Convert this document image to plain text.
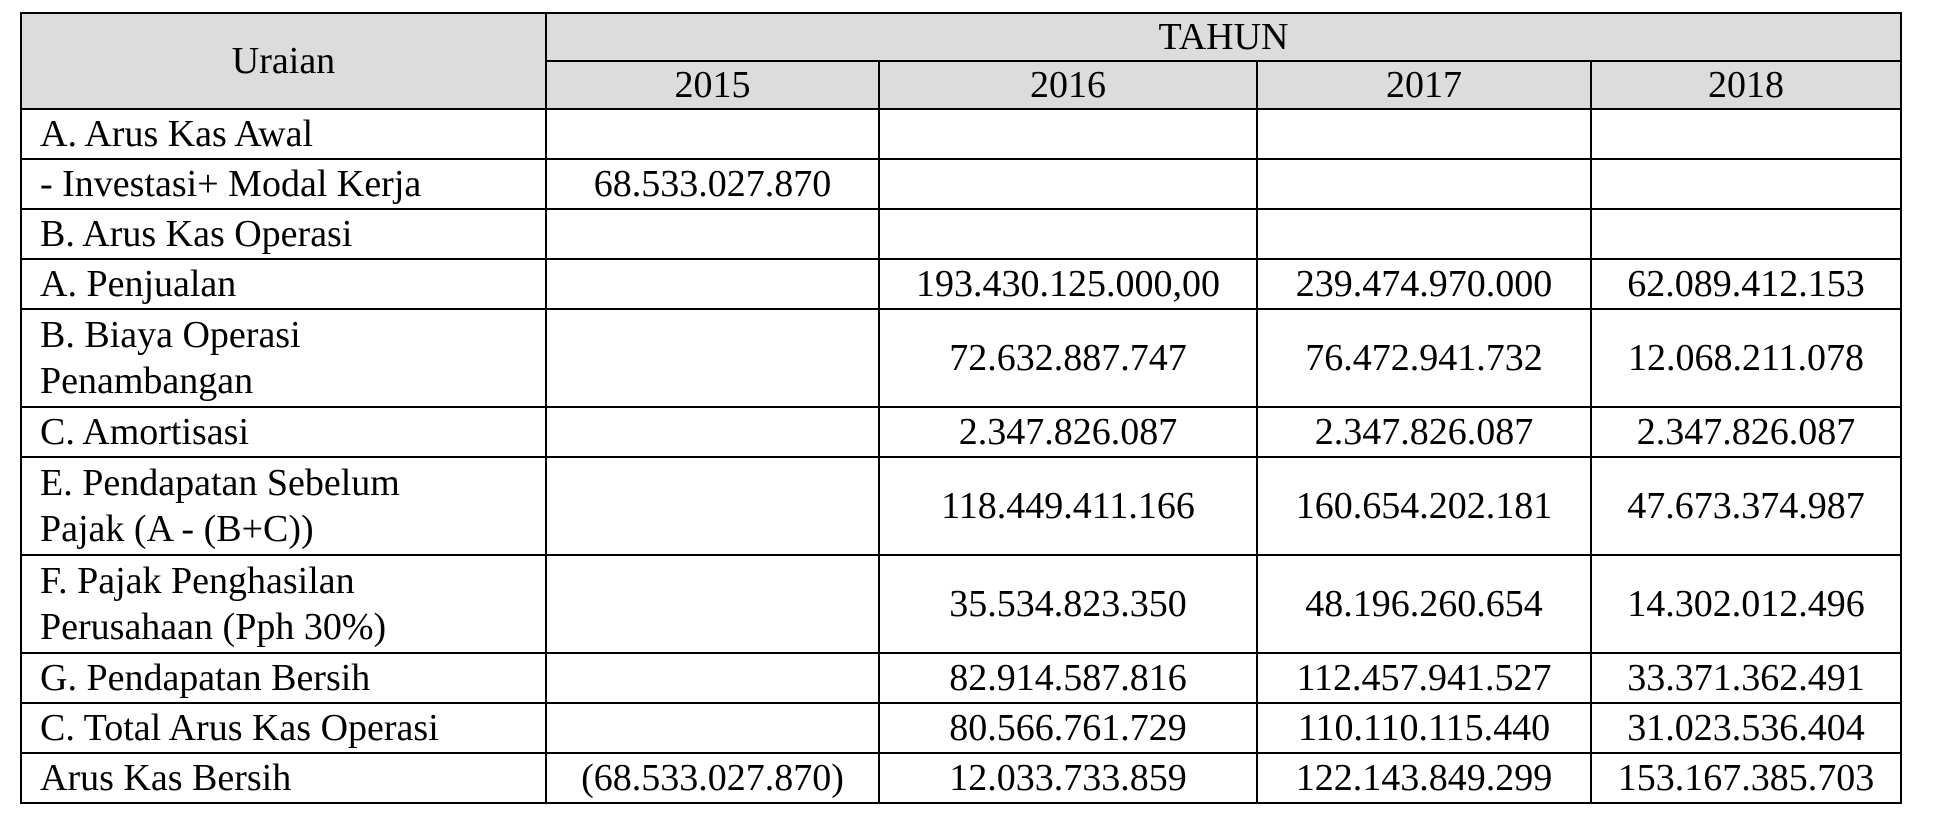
Uraian	TAHUN			
	2015	2016	2017	2018
A. Arus Kas Awal				
- Investasi+ Modal Kerja	68.533.027.870			
B. Arus Kas Operasi				
A. Penjualan		193.430.125.000,00	239.474.970.000	62.089.412.153
B. Biaya Operasi
Penambangan		72.632.887.747	76.472.941.732	12.068.211.078
C. Amortisasi		2.347.826.087	2.347.826.087	2.347.826.087
E. Pendapatan Sebelum
Pajak (A - (B+C))		118.449.411.166	160.654.202.181	47.673.374.987
F. Pajak Penghasilan
Perusahaan (Pph 30%)		35.534.823.350	48.196.260.654	14.302.012.496
G. Pendapatan Bersih		82.914.587.816	112.457.941.527	33.371.362.491
C. Total Arus Kas Operasi		80.566.761.729	110.110.115.440	31.023.536.404
Arus Kas Bersih	(68.533.027.870)	12.033.733.859	122.143.849.299	153.167.385.703
